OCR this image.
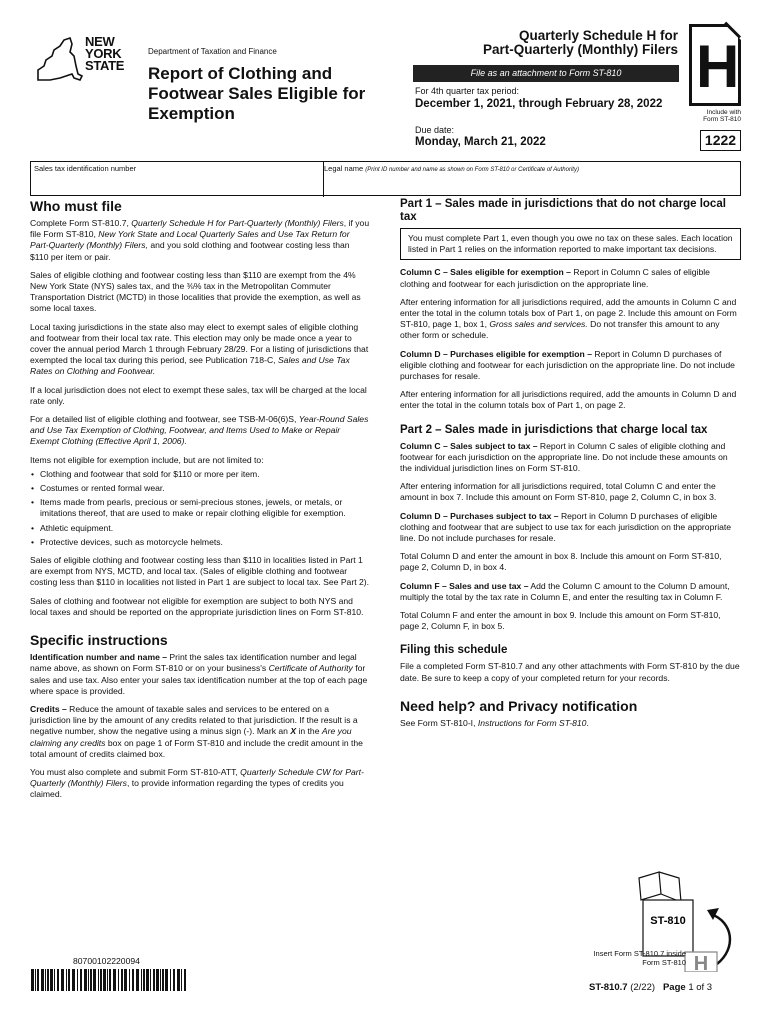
NEW
YORK
STATE
Department of Taxation and Finance
Report of Clothing and Footwear Sales Eligible for Exemption
Quarterly Schedule H for
Part-Quarterly (Monthly) Filers
File as an attachment to Form ST-810
For 4th quarter tax period:
December 1, 2021, through February 28, 2022
Due date:
Monday, March 21, 2022
H
Include with Form ST-810
1222
Sales tax identification number	Legal name (Print ID number and name as shown on Form ST-810 or Certificate of Authority)
Who must file

Complete Form ST-810.7, Quarterly Schedule H for Part-Quarterly (Monthly) Filers, if you file Form ST-810, New York State and Local Quarterly Sales and Use Tax Return for Part-Quarterly (Monthly) Filers, and you sold clothing and footwear costing less than $110 per item or pair.

Sales of eligible clothing and footwear costing less than $110 are exempt from the 4% New York State (NYS) sales tax, and the ⅜% tax in the Metropolitan Commuter Transportation District (MCTD) in those localities that provide the exemption, as well as some local taxes.

Local taxing jurisdictions in the state also may elect to exempt sales of eligible clothing and footwear from their local tax rate. This election may only be made once a year to cover the annual period March 1 through February 28/29. For a listing of jurisdictions that exempted the local tax during this period, see Publication 718-C, Sales and Use Tax Rates on Clothing and Footwear.

If a local jurisdiction does not elect to exempt these sales, tax will be charged at the local rate only.

For a detailed list of eligible clothing and footwear, see TSB-M-06(6)S, Year-Round Sales and Use Tax Exemption of Clothing, Footwear, and Items Used to Make or Repair Exempt Clothing (Effective April 1, 2006).

Items not eligible for exemption include, but are not limited to:

• Clothing and footwear that sold for $110 or more per item.
• Costumes or rented formal wear.
• Items made from pearls, precious or semi-precious stones, jewels, or metals, or imitations thereof, that are used to make or repair clothing eligible for exemption.
• Athletic equipment.
• Protective devices, such as motorcycle helmets.

Sales of eligible clothing and footwear costing less than $110 in localities listed in Part 1 are exempt from NYS, MCTD, and local tax. (Sales of eligible clothing and footwear costing less than $110 in localities not listed in Part 1 are subject to local tax. See Part 2).

Sales of clothing and footwear not eligible for exemption are subject to both NYS and local taxes and should be reported on the appropriate jurisdiction lines on Form ST-810.

Specific instructions

Identification number and name – Print the sales tax identification number and legal name above, as shown on Form ST-810 or on your business's Certificate of Authority for sales and use tax. Also enter your sales tax identification number at the top of each page where space is provided.

Credits – Reduce the amount of taxable sales and services to be entered on a jurisdiction line by the amount of any credits related to that jurisdiction. If the result is a negative number, show the negative using a minus sign (-). Mark an X in the Are you claiming any credits box on page 1 of Form ST-810 and include the credit amount in the total amount of credits claimed box.

You must also complete and submit Form ST-810-ATT, Quarterly Schedule CW for Part-Quarterly (Monthly) Filers, to provide information regarding the types of credits you claimed.

Part 1 – Sales made in jurisdictions that do not charge local tax
You must complete Part 1, even though you owe no tax on these sales. Each location listed in Part 1 relies on the information reported to make important tax decisions.

Column C – Sales eligible for exemption – Report in Column C sales of eligible clothing and footwear for each jurisdiction on the appropriate line.

After entering information for all jurisdictions required, add the amounts in Column C and enter the total in the column totals box of Part 1, on page 2. Include this amount on Form ST-810, page 1, box 1, Gross sales and services. Do not transfer this amount to any other form or schedule.

Column D – Purchases eligible for exemption – Report in Column D purchases of eligible clothing and footwear for each jurisdiction on the appropriate line. Do not include purchases for resale.

After entering information for all jurisdictions required, add the amounts in Column D and enter the total in the column totals box of Part 1, on page 2.

Part 2 – Sales made in jurisdictions that charge local tax

Column C – Sales subject to tax – Report in Column C sales of eligible clothing and footwear for each jurisdiction on the appropriate line. Do not include these amounts on the individual jurisdiction lines on Form ST-810.

After entering information for all jurisdictions required, total Column C and enter the amount in box 7. Include this amount on Form ST-810, page 2, Column C, in box 3.

Column D – Purchases subject to tax – Report in Column D purchases of eligible clothing and footwear that are subject to use tax for each jurisdiction on the appropriate line. Do not include purchases for resale.

Total Column D and enter the amount in box 8. Include this amount on Form ST-810, page 2, Column D, in box 4.

Column F – Sales and use tax – Add the Column C amount to the Column D amount, multiply the total by the tax rate in Column E, and enter the resulting tax in Column F.

Total Column F and enter the amount in box 9. Include this amount on Form ST-810, page 2, Column F, in box 5.

Filing this schedule

File a completed Form ST-810.7 and any other attachments with Form ST-810 by the due date. Be sure to keep a copy of your completed return for your records.

Need help? and Privacy notification

See Form ST-810-I, Instructions for Form ST-810.

ST-810
H
Insert Form ST-810.7 inside Form ST-810
80700102220094
ST-810.7 (2/22) Page 1 of 3
